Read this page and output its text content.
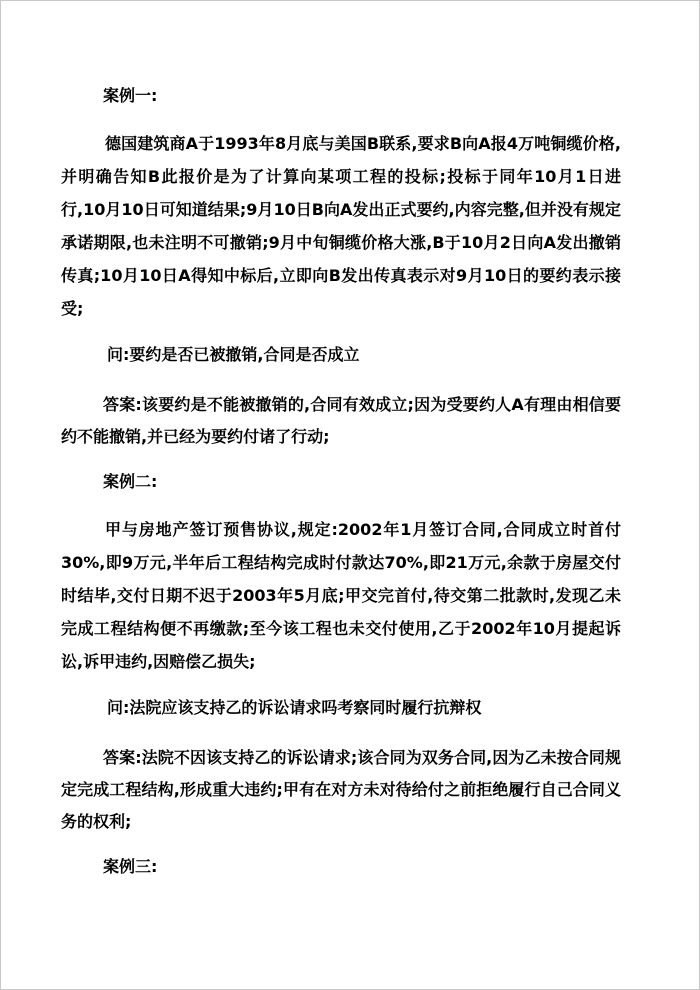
案例一:
德国建筑商A于1993年8月底与美国B联系,要求B向A报4万吨铜缆价格,并明确告知B此报价是为了计算向某项工程的投标;投标于同年10月1日进行,10月10日可知道结果;9月10日B向A发出正式要约,内容完整,但并没有规定承诺期限,也未注明不可撤销;9月中旬铜缆价格大涨,B于10月2日向A发出撤销传真;10月10日A得知中标后,立即向B发出传真表示对9月10日的要约表示接受;
问:要约是否已被撤销,合同是否成立
答案:该要约是不能被撤销的,合同有效成立;因为受要约人A有理由相信要约不能撤销,并已经为要约付诸了行动;
案例二:
甲与房地产签订预售协议,规定:2002年1月签订合同,合同成立时首付30%,即9万元,半年后工程结构完成时付款达70%,即21万元,余款于房屋交付时结毕,交付日期不迟于2003年5月底;甲交完首付,待交第二批款时,发现乙未完成工程结构便不再缴款;至今该工程也未交付使用,乙于2002年10月提起诉讼,诉甲违约,因赔偿乙损失;
问:法院应该支持乙的诉讼请求吗考察同时履行抗辩权
答案:法院不因该支持乙的诉讼请求;该合同为双务合同,因为乙未按合同规定完成工程结构,形成重大违约;甲有在对方未对待给付之前拒绝履行自己合同义务的权利;
案例三:
